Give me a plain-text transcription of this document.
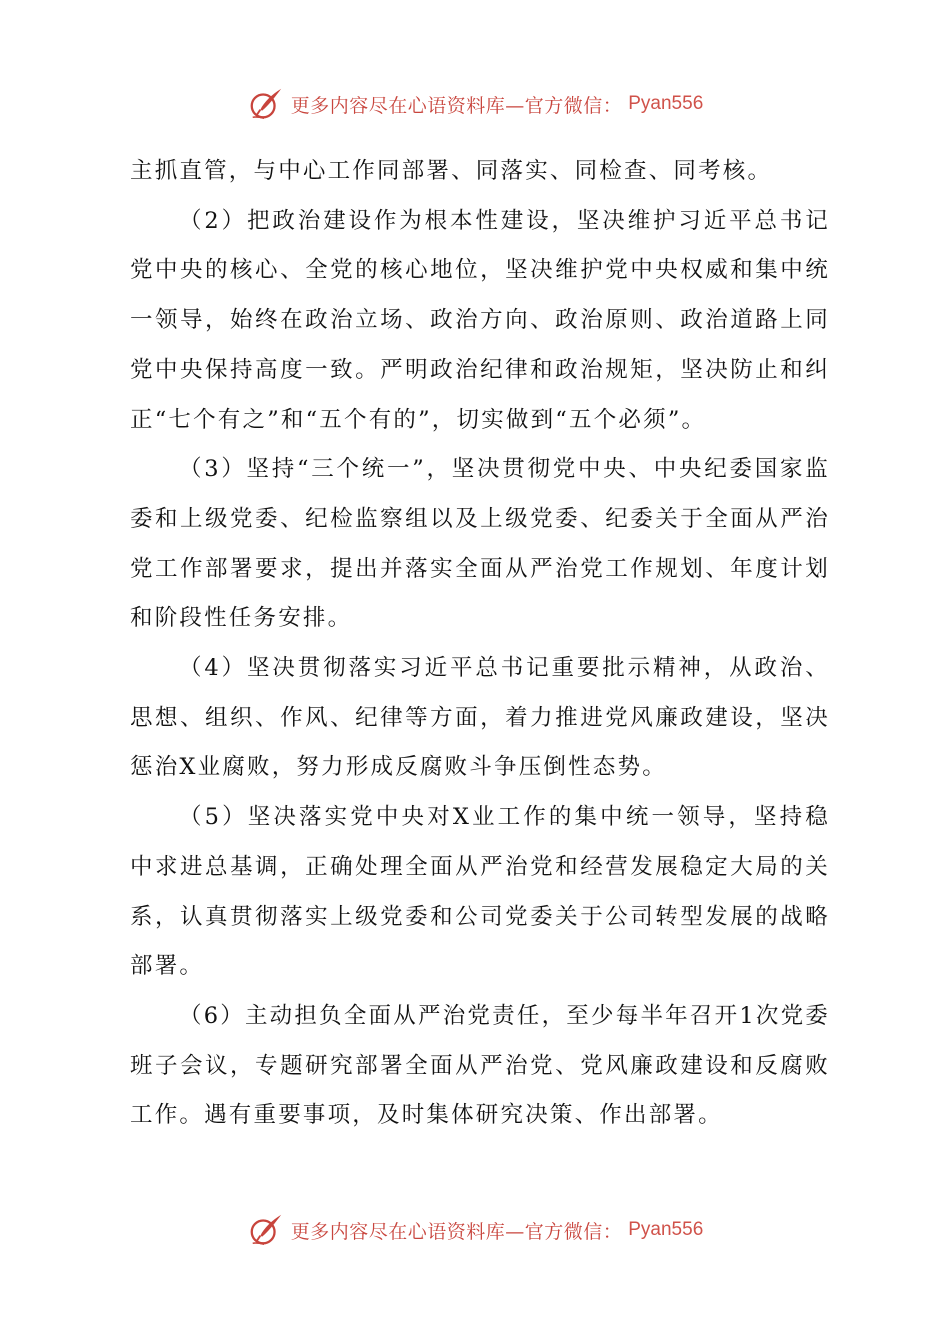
更多内容尽在心语资料库—官方微信： Pyan556

主抓直管，与中心工作同部署、同落实、同检查、同考核。

（2）把政治建设作为根本性建设，坚决维护习近平总书记党中央的核心、全党的核心地位，坚决维护党中央权威和集中统一领导，始终在政治立场、政治方向、政治原则、政治道路上同党中央保持高度一致。严明政治纪律和政治规矩，坚决防止和纠正“七个有之”和“五个有的”，切实做到“五个必须”。

（3）坚持“三个统一”，坚决贯彻党中央、中央纪委国家监委和上级党委、纪检监察组以及上级党委、纪委关于全面从严治党工作部署要求，提出并落实全面从严治党工作规划、年度计划和阶段性任务安排。

（4）坚决贯彻落实习近平总书记重要批示精神，从政治、思想、组织、作风、纪律等方面，着力推进党风廉政建设，坚决惩治X业腐败，努力形成反腐败斗争压倒性态势。

（5）坚决落实党中央对X业工作的集中统一领导，坚持稳中求进总基调，正确处理全面从严治党和经营发展稳定大局的关系，认真贯彻落实上级党委和公司党委关于公司转型发展的战略部署。

（6）主动担负全面从严治党责任，至少每半年召开1次党委班子会议，专题研究部署全面从严治党、党风廉政建设和反腐败工作。遇有重要事项，及时集体研究决策、作出部署。

更多内容尽在心语资料库—官方微信： Pyan556
